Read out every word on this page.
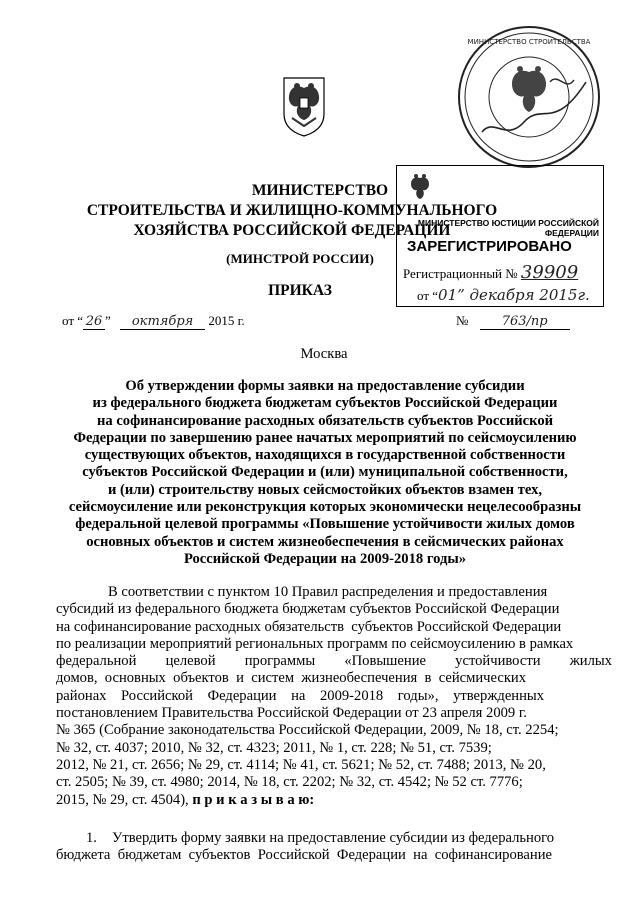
МИНИСТЕРСТВО СТРОИТЕЛЬСТВА
МИНИСТЕРСТВО
СТРОИТЕЛЬСТВА И ЖИЛИЩНО-КОММУНАЛЬНОГО
ХОЗЯЙСТВА РОССИЙСКОЙ ФЕДЕРАЦИИ
(МИНСТРОЙ РОССИИ)
ПРИКАЗ
МИНИСТЕРСТВО ЮСТИЦИИ РОССИЙСКОЙ ФЕДЕРАЦИИ
ЗАРЕГИСТРИРОВАНО
Регистрационный № 39909
от “01” декабря 2015г.
от “ 26 ” октября 2015 г.	№	763/пр
Москва
Об утверждении формы заявки на предоставление субсидии
из федерального бюджета бюджетам субъектов Российской Федерации
на софинансирование расходных обязательств субъектов Российской
Федерации по завершению ранее начатых мероприятий по сейсмоусилению
существующих объектов, находящихся в государственной собственности
субъектов Российской Федерации и (или) муниципальной собственности,
и (или) строительству новых сейсмостойких объектов взамен тех,
сейсмоусиление или реконструкция которых экономически нецелесообразны
федеральной целевой программы «Повышение устойчивости жилых домов
основных объектов и систем жизнеобеспечения в сейсмических районах
Российской Федерации на 2009-2018 годы»
В соответствии с пунктом 10 Правил распределения и предоставления
субсидий из федерального бюджета бюджетам субъектов Российской Федерации
на софинансирование расходных обязательств  субъектов Российской Федерации
по реализации мероприятий региональных программ по сейсмоусилению в рамках
федеральной        целевой        программы        «Повышение        устойчивости        жилых
домов,  основных  объектов  и  систем  жизнеобеспечения  в  сейсмических
районах    Российской    Федерации    на    2009-2018    годы»,    утвержденных
постановлением Правительства Российской Федерации от 23 апреля 2009 г.
№ 365 (Собрание законодательства Российской Федерации, 2009, № 18, ст. 2254;
№ 32, ст. 4037; 2010, № 32, ст. 4323; 2011, № 1, ст. 228; № 51, ст. 7539;
2012, № 21, ст. 2656; № 29, ст. 4114; № 41, ст. 5621; № 52, ст. 7488; 2013, № 20,
ст. 2505; № 39, ст. 4980; 2014, № 18, ст. 2202; № 32, ст. 4542; № 52 ст. 7776;
2015, № 29, ст. 4504), п р и к а з ы в а ю:
1. Утвердить форму заявки на предоставление субсидии из федерального
бюджета  бюджетам  субъектов  Российской  Федерации  на  софинансирование
